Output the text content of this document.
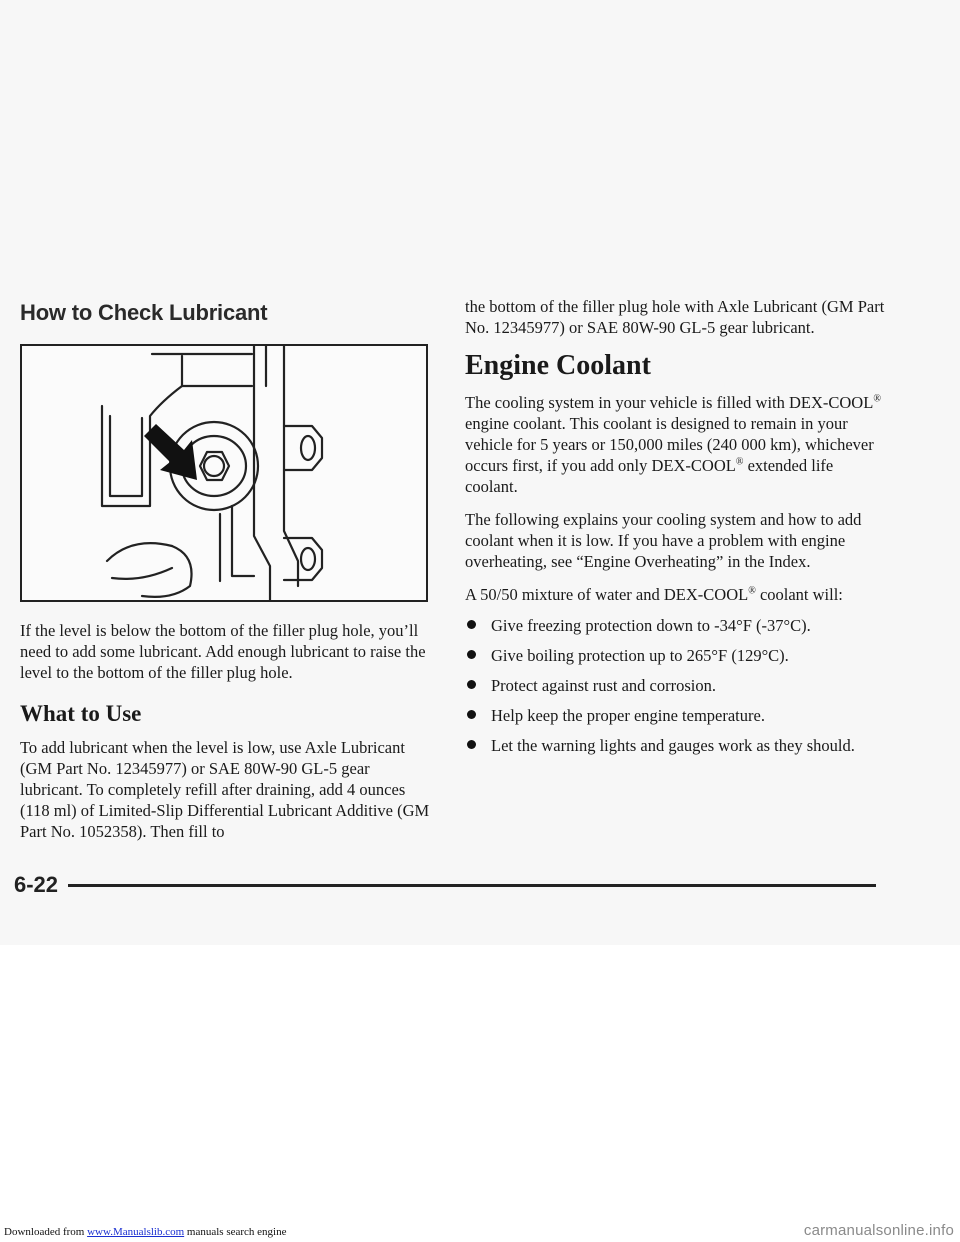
How to Check Lubricant

If the level is below the bottom of the filler plug hole, you’ll need to add some lubricant. Add enough lubricant to raise the level to the bottom of the filler plug hole.

What to Use

To add lubricant when the level is low, use Axle Lubricant (GM Part No. 12345977) or SAE 80W-90 GL-5 gear lubricant. To completely refill after draining, add 4 ounces (118 ml) of Limited-Slip Differential Lubricant Additive (GM Part No. 1052358). Then fill to

the bottom of the filler plug hole with Axle Lubricant (GM Part No. 12345977) or SAE 80W-90 GL-5 gear lubricant.

Engine Coolant

The cooling system in your vehicle is filled with DEX-COOL® engine coolant. This coolant is designed to remain in your vehicle for 5 years or 150,000 miles (240 000 km), whichever occurs first, if you add only DEX-COOL® extended life coolant.

The following explains your cooling system and how to add coolant when it is low. If you have a problem with engine overheating, see “Engine Overheating” in the Index.

A 50/50 mixture of water and DEX-COOL® coolant will:

Give freezing protection down to -34°F (-37°C).
Give boiling protection up to 265°F (129°C).
Protect against rust and corrosion.
Help keep the proper engine temperature.
Let the warning lights and gauges work as they should.
6-22
Downloaded from www.Manualslib.com manuals search engine	carmanualsonline.info
